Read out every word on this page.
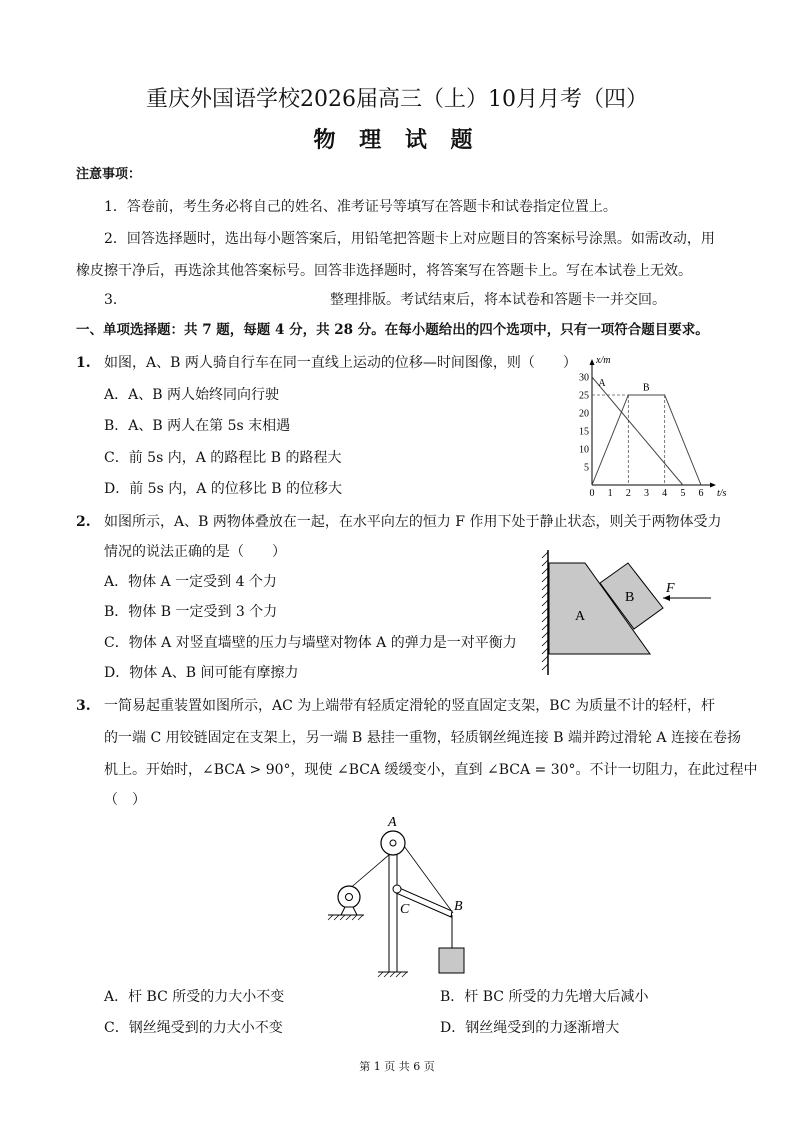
重庆外国语学校2026届高三（上）10月月考（四）
物 理 试 题
注意事项：
1．答卷前，考生务必将自己的姓名、准考证号等填写在答题卡和试卷指定位置上。
2．回答选择题时，选出每小题答案后，用铅笔把答题卡上对应题目的答案标号涂黑。如需改动，用
橡皮擦干净后，再选涂其他答案标号。回答非选择题时，将答案写在答题卡上。写在本试卷上无效。
3．	整理排版。考试结束后，将本试卷和答题卡一并交回。
一、单项选择题：共 7 题，每题 4 分，共 28 分。在每小题给出的四个选项中，只有一项符合题目要求。
1. 如图，A、B 两人骑自行车在同一直线上运动的位移—时间图像，则（　　）
A．A、B 两人始终同向行驶
B．A、B 两人在第 5s 末相遇
C．前 5s 内，A 的路程比 B 的路程大
D．前 5s 内，A 的位移比 B 的位移大	0 1 2 3 4 5 6
5
10
15
20
25
30
t/s
x/m
A	B
2. 如图所示，A、B 两物体叠放在一起，在水平向左的恒力 F 作用下处于静止状态，则关于两物体受力
情况的说法正确的是（　　）
A．物体 A 一定受到 4 个力
B．物体 B 一定受到 3 个力
C．物体 A 对竖直墙壁的压力与墙壁对物体 A 的弹力是一对平衡力
D．物体 A、B 间可能有摩擦力
A
B
F
3. 一简易起重装置如图所示，AC 为上端带有轻质定滑轮的竖直固定支架，BC 为质量不计的轻杆，杆
的一端 C 用铰链固定在支架上，另一端 B 悬挂一重物，轻质钢丝绳连接 B 端并跨过滑轮 A 连接在卷扬
机上。开始时，∠BCA > 90°，现使 ∠BCA 缓缓变小，直到 ∠BCA = 30°。不计一切阻力，在此过程中
（　）
A
C	B
A．杆 BC 所受的力大小不变	B．杆 BC 所受的力先增大后减小
C．钢丝绳受到的力大小不变	D．钢丝绳受到的力逐渐增大
第 1 页 共 6 页
